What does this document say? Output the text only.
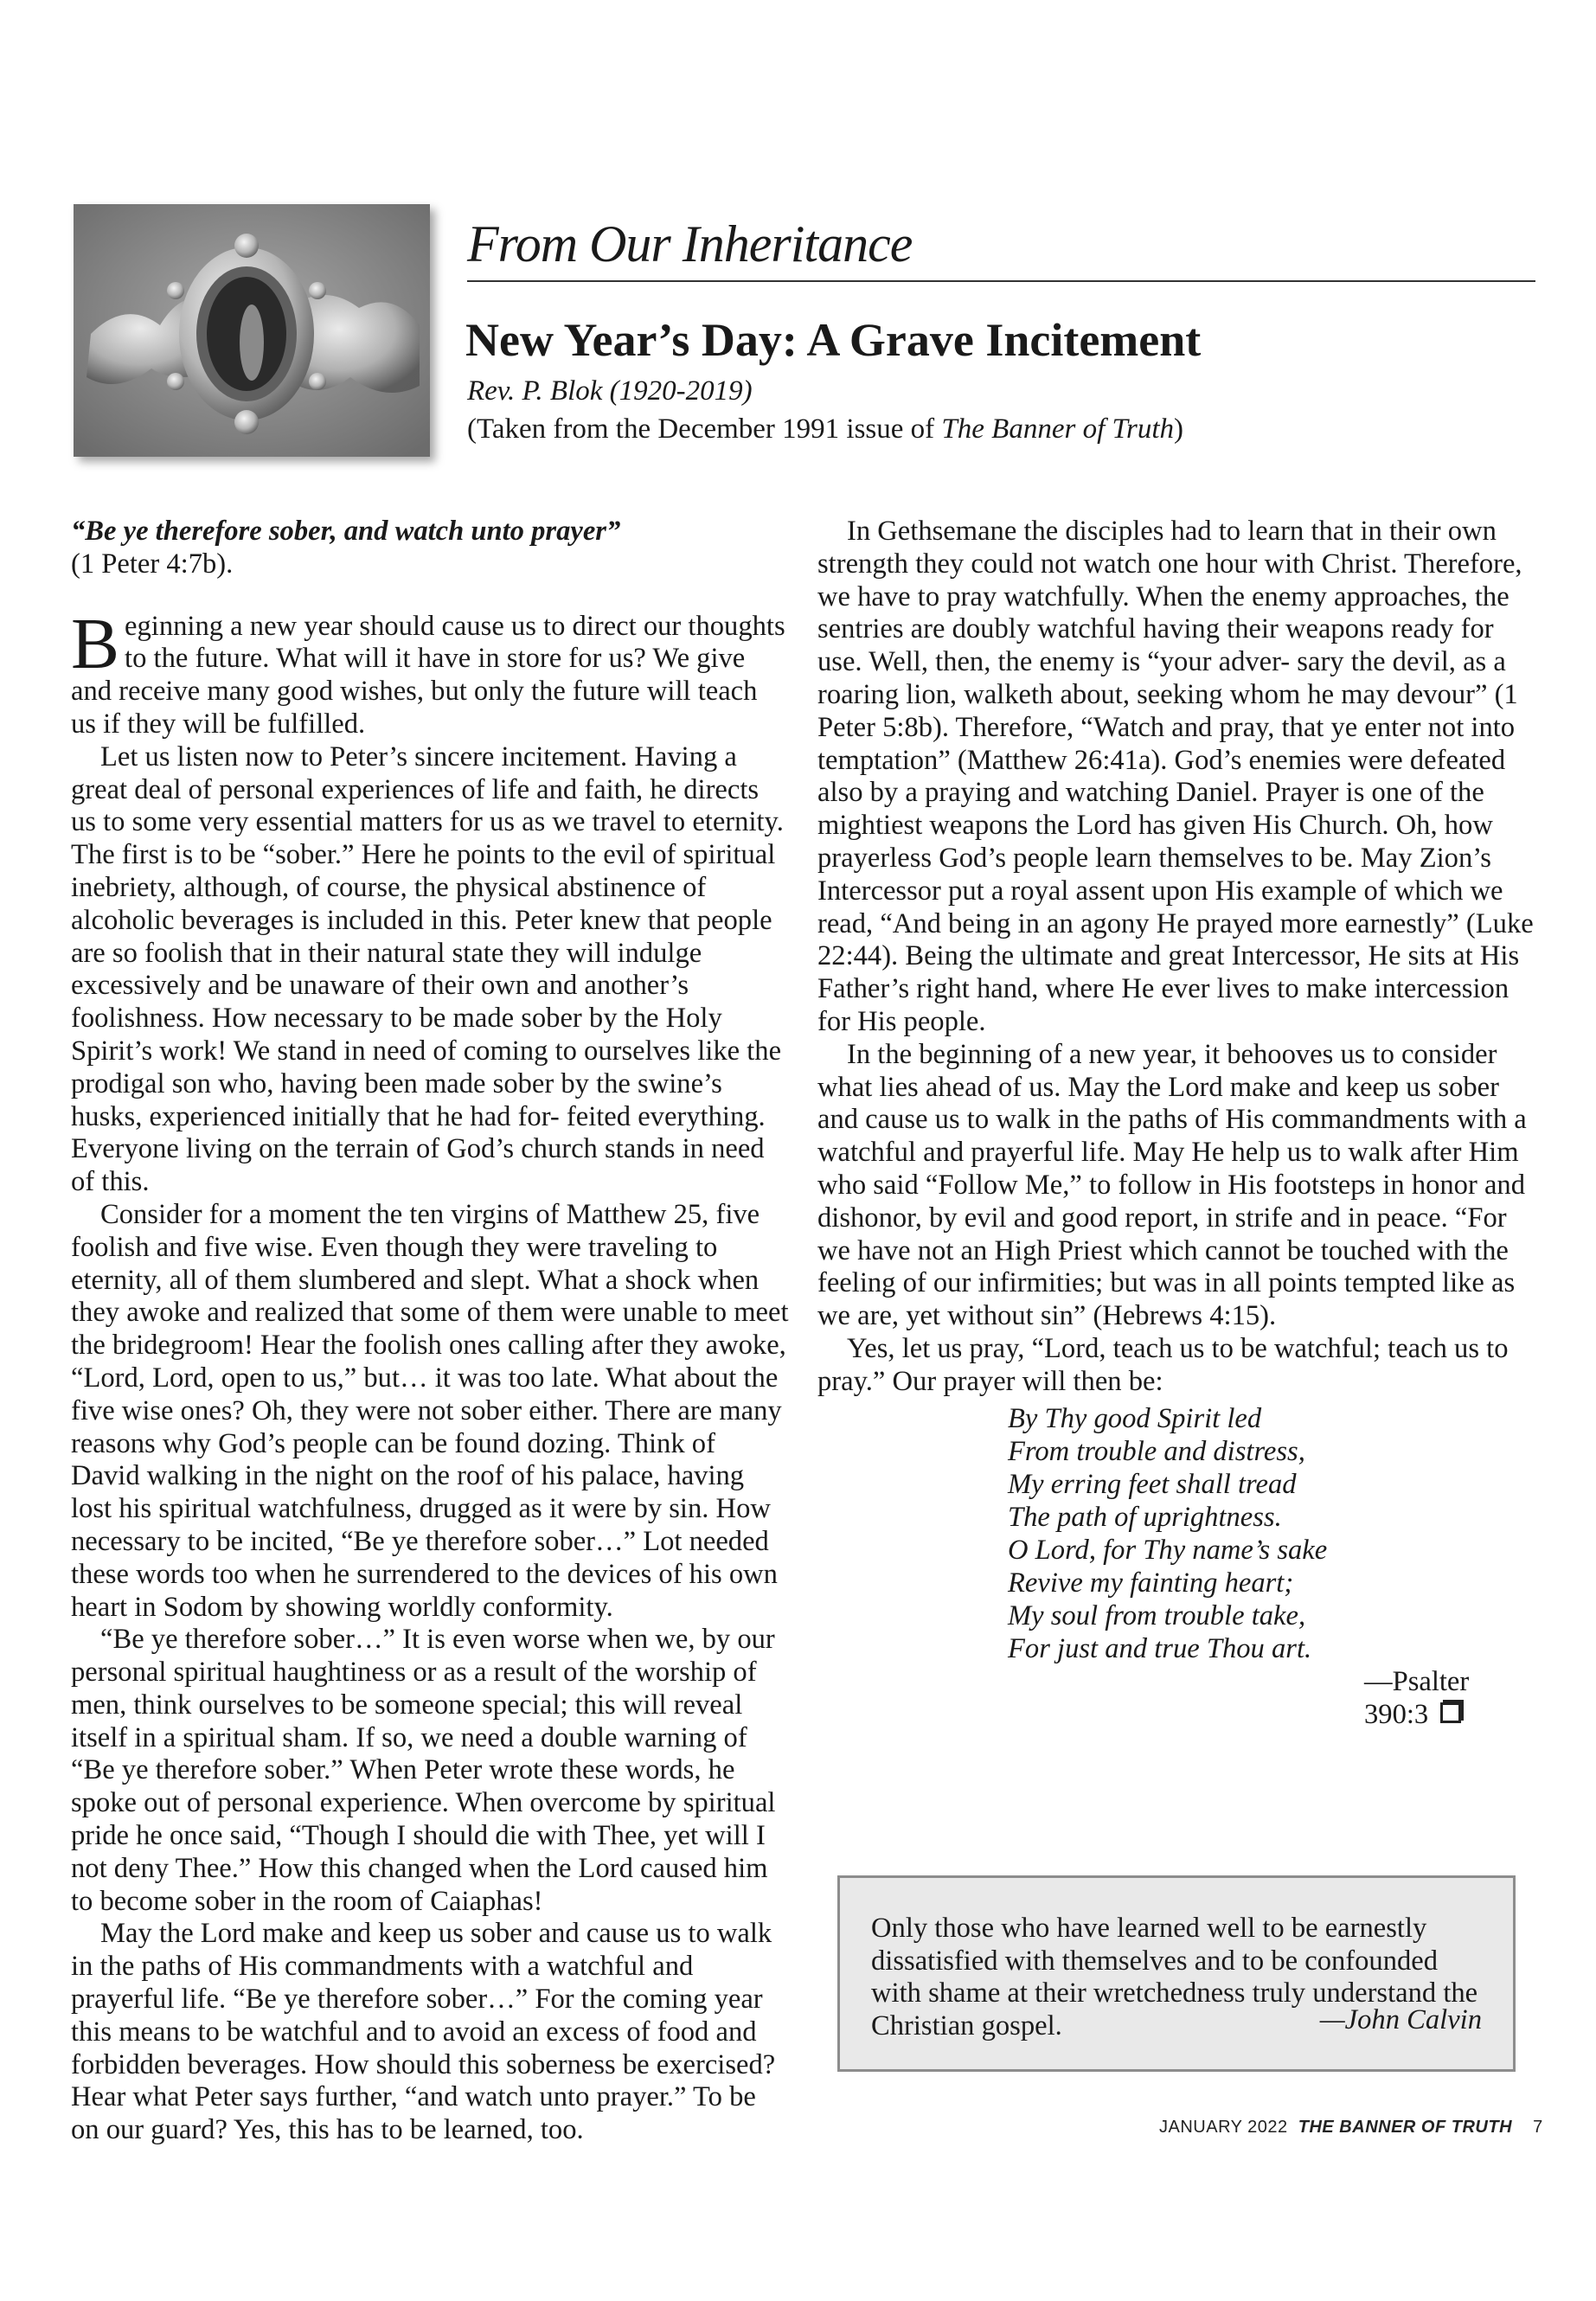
From Our Inheritance
New Year’s Day: A Grave Incitement
Rev. P. Blok (1920-2019)
(Taken from the December 1991 issue of The Banner of Truth)

“Be ye therefore sober, and watch unto prayer”

(1 Peter 4:7b).

Beginning a new year should cause us to direct our thoughts to the future. What will it have in store for us? We give and receive many good wishes, but only the future will teach us if they will be fulfilled.

Let us listen now to Peter’s sincere incitement. Having a great deal of personal experiences of life and faith, he directs us to some very essential matters for us as we travel to eternity. The first is to be “sober.” Here he points to the evil of spiritual inebriety, although, of course, the physical abstinence of alcoholic beverages is included in this. Peter knew that people are so foolish that in their natural state they will indulge excessively and be unaware of their own and another’s foolishness. How necessary to be made sober by the Holy Spirit’s work! We stand in need of coming to ourselves like the prodigal son who, having been made sober by the swine’s husks, experienced initially that he had for- feited everything. Everyone living on the terrain of God’s church stands in need of this.

Consider for a moment the ten virgins of Matthew 25, five foolish and five wise. Even though they were traveling to eternity, all of them slumbered and slept. What a shock when they awoke and realized that some of them were unable to meet the bridegroom! Hear the foolish ones calling after they awoke, “Lord, Lord, open to us,” but… it was too late. What about the five wise ones? Oh, they were not sober either. There are many reasons why God’s people can be found dozing. Think of David walking in the night on the roof of his palace, having lost his spiritual watchfulness, drugged as it were by sin. How necessary to be incited, “Be ye therefore sober…” Lot needed these words too when he surrendered to the devices of his own heart in Sodom by showing worldly conformity.

“Be ye therefore sober…” It is even worse when we, by our personal spiritual haughtiness or as a result of the worship of men, think ourselves to be someone special; this will reveal itself in a spiritual sham. If so, we need a double warning of “Be ye therefore sober.” When Peter wrote these words, he spoke out of personal experience. When overcome by spiritual pride he once said, “Though I should die with Thee, yet will I not deny Thee.” How this changed when the Lord caused him to become sober in the room of Caiaphas!

May the Lord make and keep us sober and cause us to walk in the paths of His commandments with a watchful and prayerful life. “Be ye therefore sober…” For the coming year this means to be watchful and to avoid an excess of food and forbidden beverages. How should this soberness be exercised? Hear what Peter says further, “and watch unto prayer.” To be on our guard? Yes, this has to be learned, too.

In Gethsemane the disciples had to learn that in their own strength they could not watch one hour with Christ. Therefore, we have to pray watchfully. When the enemy approaches, the sentries are doubly watchful having their weapons ready for use. Well, then, the enemy is “your adver- sary the devil, as a roaring lion, walketh about, seeking whom he may devour” (1 Peter 5:8b). Therefore, “Watch and pray, that ye enter not into temptation” (Matthew 26:41a). God’s enemies were defeated also by a praying and watching Daniel. Prayer is one of the mightiest weapons the Lord has given His Church. Oh, how prayerless God’s people learn themselves to be. May Zion’s Intercessor put a royal assent upon His example of which we read, “And being in an agony He prayed more earnestly” (Luke 22:44). Being the ultimate and great Intercessor, He sits at His Father’s right hand, where He ever lives to make intercession for His people.

In the beginning of a new year, it behooves us to consider what lies ahead of us. May the Lord make and keep us sober and cause us to walk in the paths of His commandments with a watchful and prayerful life. May He help us to walk after Him who said “Follow Me,” to follow in His footsteps in honor and dishonor, by evil and good report, in strife and in peace. “For we have not an High Priest which cannot be touched with the feeling of our infirmities; but was in all points tempted like as we are, yet without sin” (Hebrews 4:15).

Yes, let us pray, “Lord, teach us to be watchful; teach us to pray.” Our prayer will then be:

By Thy good Spirit led
From trouble and distress,
My erring feet shall tread
The path of uprightness.
O Lord, for Thy name’s sake
Revive my fainting heart;
My soul from trouble take,
For just and true Thou art.
—Psalter 390:3
Only those who have learned well to be earnestly dissatisfied with themselves and to be confounded with shame at their wretchedness truly understand the Christian gospel.	—John Calvin
JANUARY 2022 THE BANNER OF TRUTH 7
